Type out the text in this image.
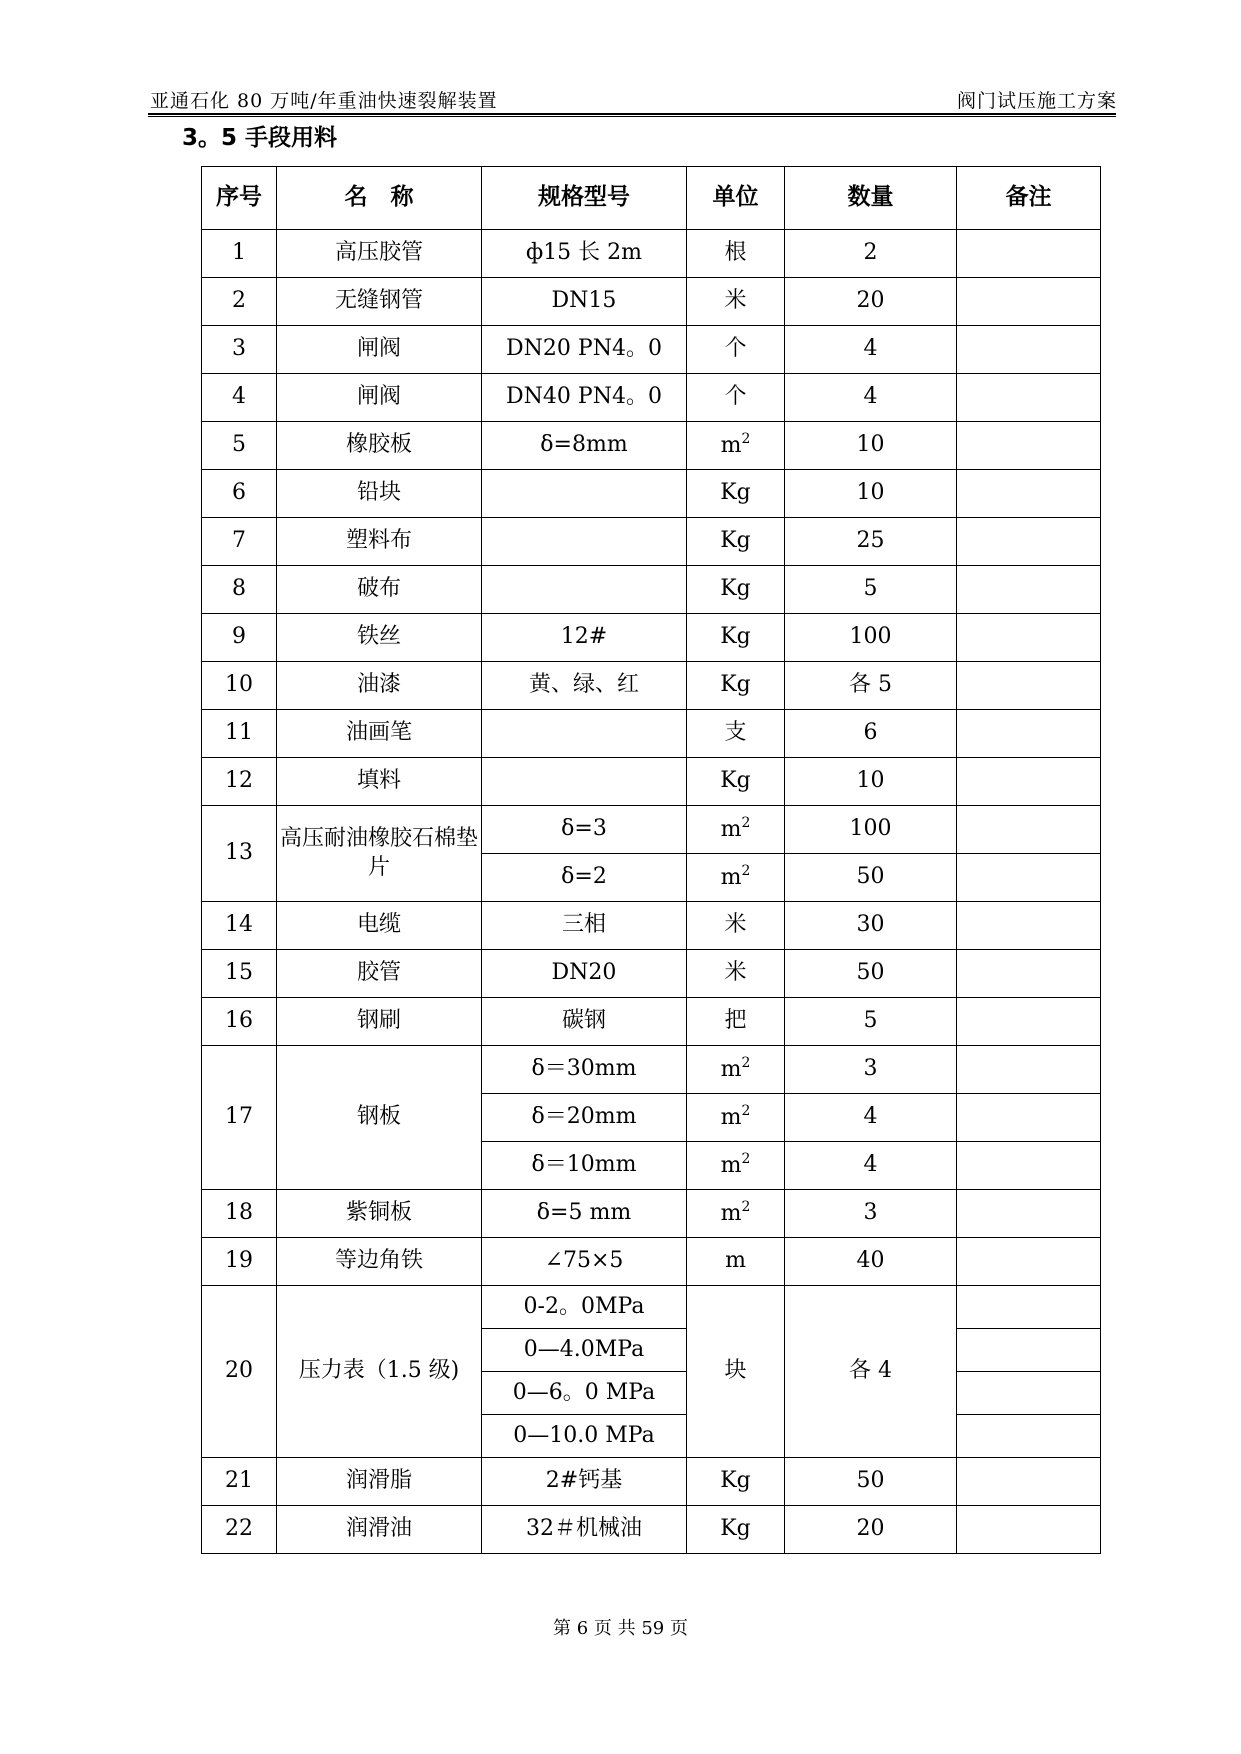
亚通石化 80 万吨/年重油快速裂解装置	阀门试压施工方案
3。5 手段用料
序号	名　称	规格型号	单位	数量	备注
1	高压胶管	ф15 长 2m	根	2	
2	无缝钢管	DN15	米	20	
3	闸阀	DN20 PN4。0	个	4	
4	闸阀	DN40 PN4。0	个	4	
5	橡胶板	δ=8mm	$m^2$	10	
6	铅块		Kg	10	
7	塑料布		Kg	25	
8	破布		Kg	5	
9	铁丝	12#	Kg	100	
10	油漆	黄、绿、红	Kg	各 5	
11	油画笔		支	6	
12	填料		Kg	10	
13	高压耐油橡胶石棉垫片	δ=3	$m^2$	100	
		δ=2	$m^2$	50	
14	电缆	三相	米	30	
15	胶管	DN20	米	50	
16	钢刷	碳钢	把	5	
17	钢板	δ＝30mm	$m^2$	3	
		δ＝20mm	$m^2$	4	
		δ＝10mm	$m^2$	4	
18	紫铜板	δ=5 mm	$m^2$	3	
19	等边角铁	∠75×5	m	40	
20	压力表（1.5 级)	0-2。0MPa	块	各 4	
		0—4.0MPa			
		0—6。0 MPa			
		0—10.0 MPa			
21	润滑脂	2#钙基	Kg	50	
22	润滑油	32＃机械油	Kg	20	
第 6 页 共 59 页
